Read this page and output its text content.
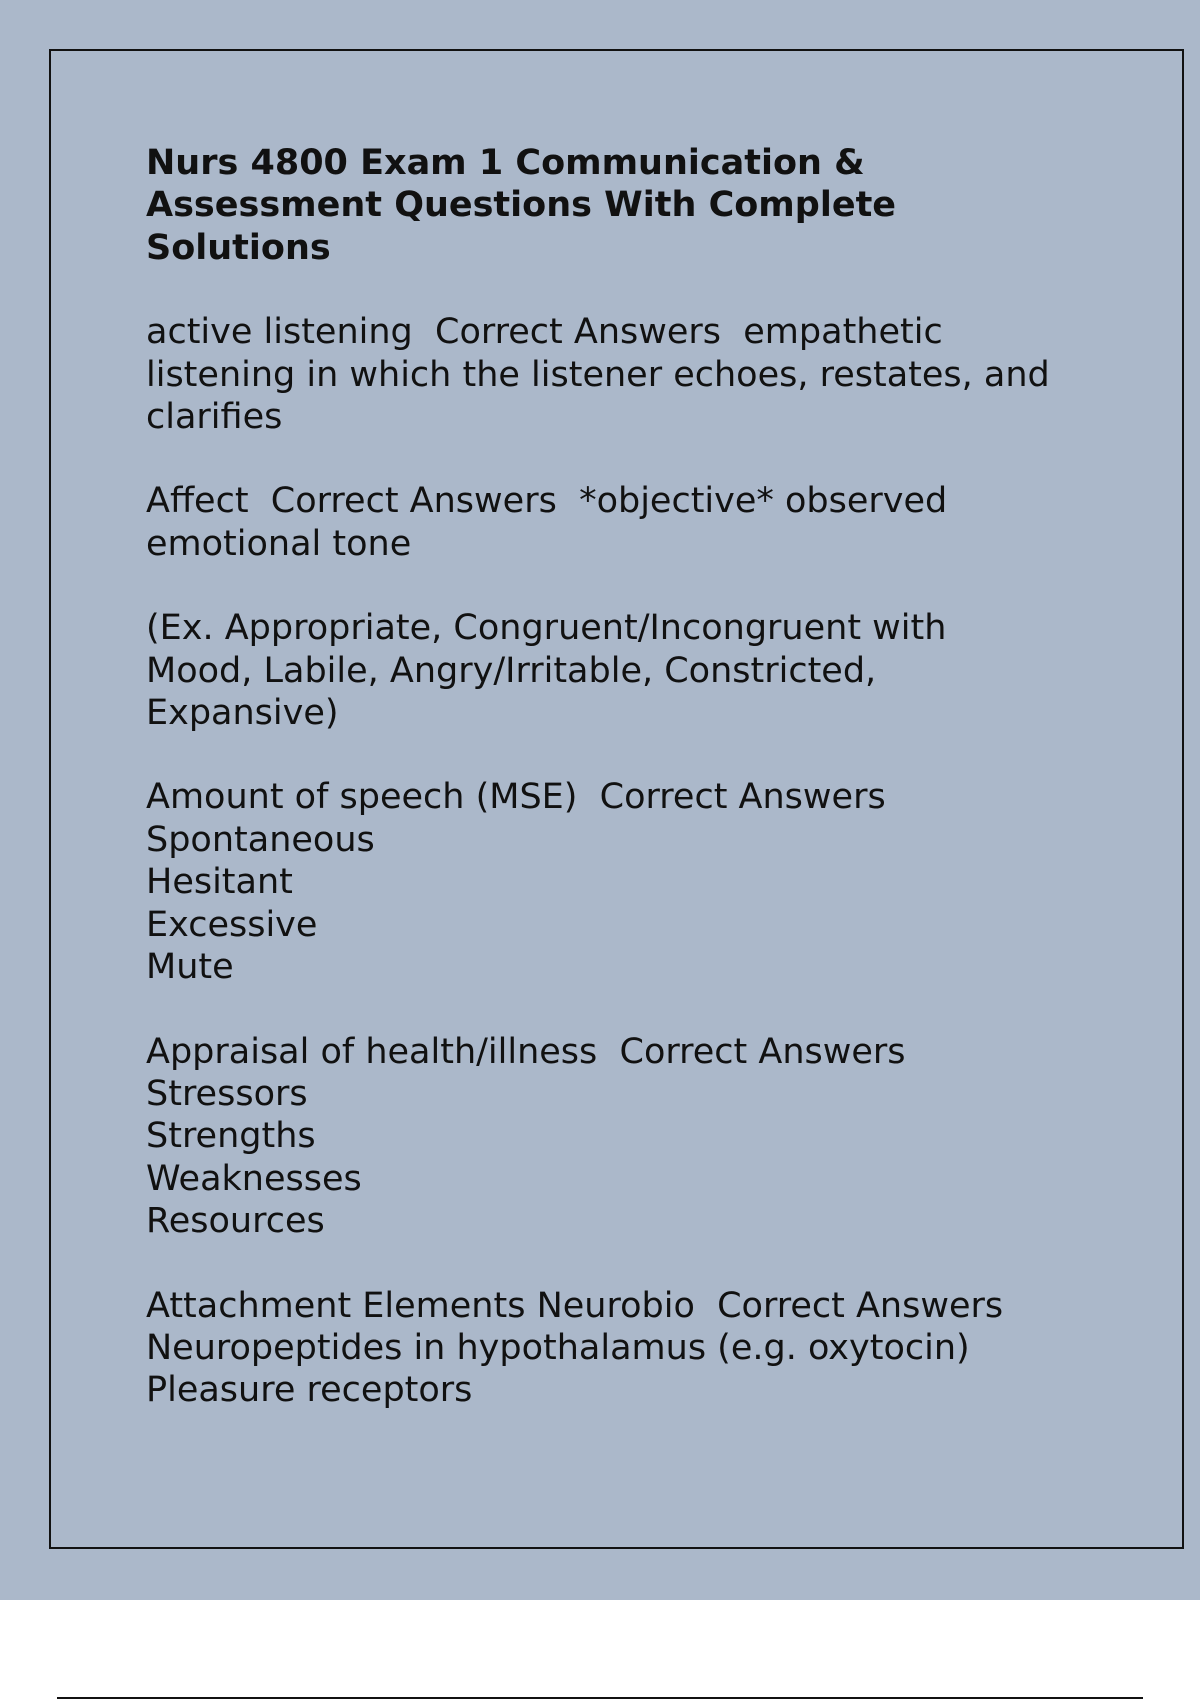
Nurs 4800 Exam 1 Communication & Assessment Questions With Complete Solutions
active listening  Correct Answers  empathetic
listening in which the listener echoes, restates, and
clarifies
Affect  Correct Answers  *objective* observed
emotional tone
(Ex. Appropriate, Congruent/Incongruent with
Mood, Labile, Angry/Irritable, Constricted,
Expansive)
Amount of speech (MSE)  Correct Answers
Spontaneous
Hesitant
Excessive
Mute
Appraisal of health/illness  Correct Answers
Stressors
Strengths
Weaknesses
Resources
Attachment Elements Neurobio  Correct Answers
Neuropeptides in hypothalamus (e.g. oxytocin)
Pleasure receptors
